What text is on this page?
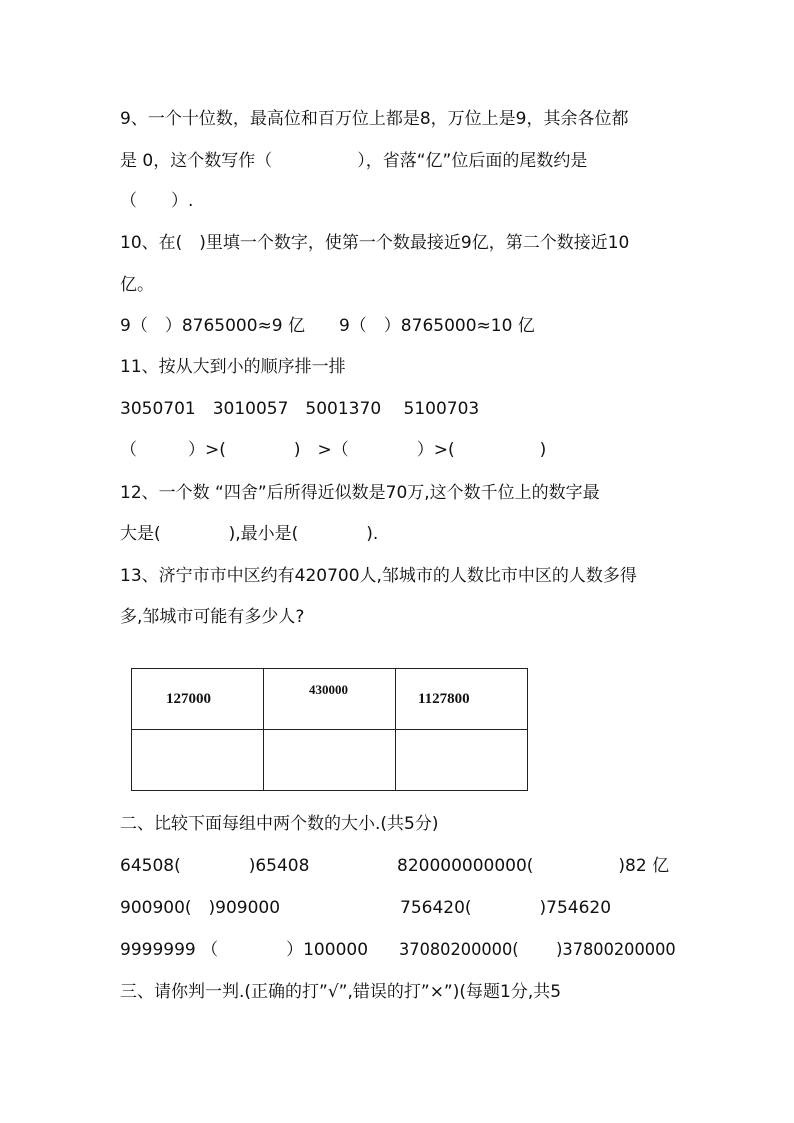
9、一个十位数，最高位和百万位上都是8，万位上是9，其余各位都
是 0，这个数写作（　　　　　），省落“亿”位后面的尾数约是
（　　）.
10、在(　)里填一个数字，使第一个数最接近9亿，第二个数接近10
亿。
9（　）8765000≈9 亿　　9（　）8765000≈10 亿
11、按从大到小的顺序排一排
3050701　3010057　5001370　 5100703
（　　　）>(　　　　)　>（　　　　）>(　　　　　)
12、一个数 “四舍”后所得近似数是70万,这个数千位上的数字最
大是(　　　　),最小是(　　　　).
13、济宁市市中区约有420700人,邹城市的人数比市中区的人数多得
多,邹城市可能有多少人?
127000	430000	1127800

二、比较下面每组中两个数的大小.(共5分)
64508(　　　　)65408	820000000000(　　　　　)82 亿
900900(　)909000	756420(　　　　)754620
9999999 （　　　　）100000 37080200000(　　 )37800200000
三、请你判一判.(正确的打”√”,错误的打”×”)(每题1分,共5
